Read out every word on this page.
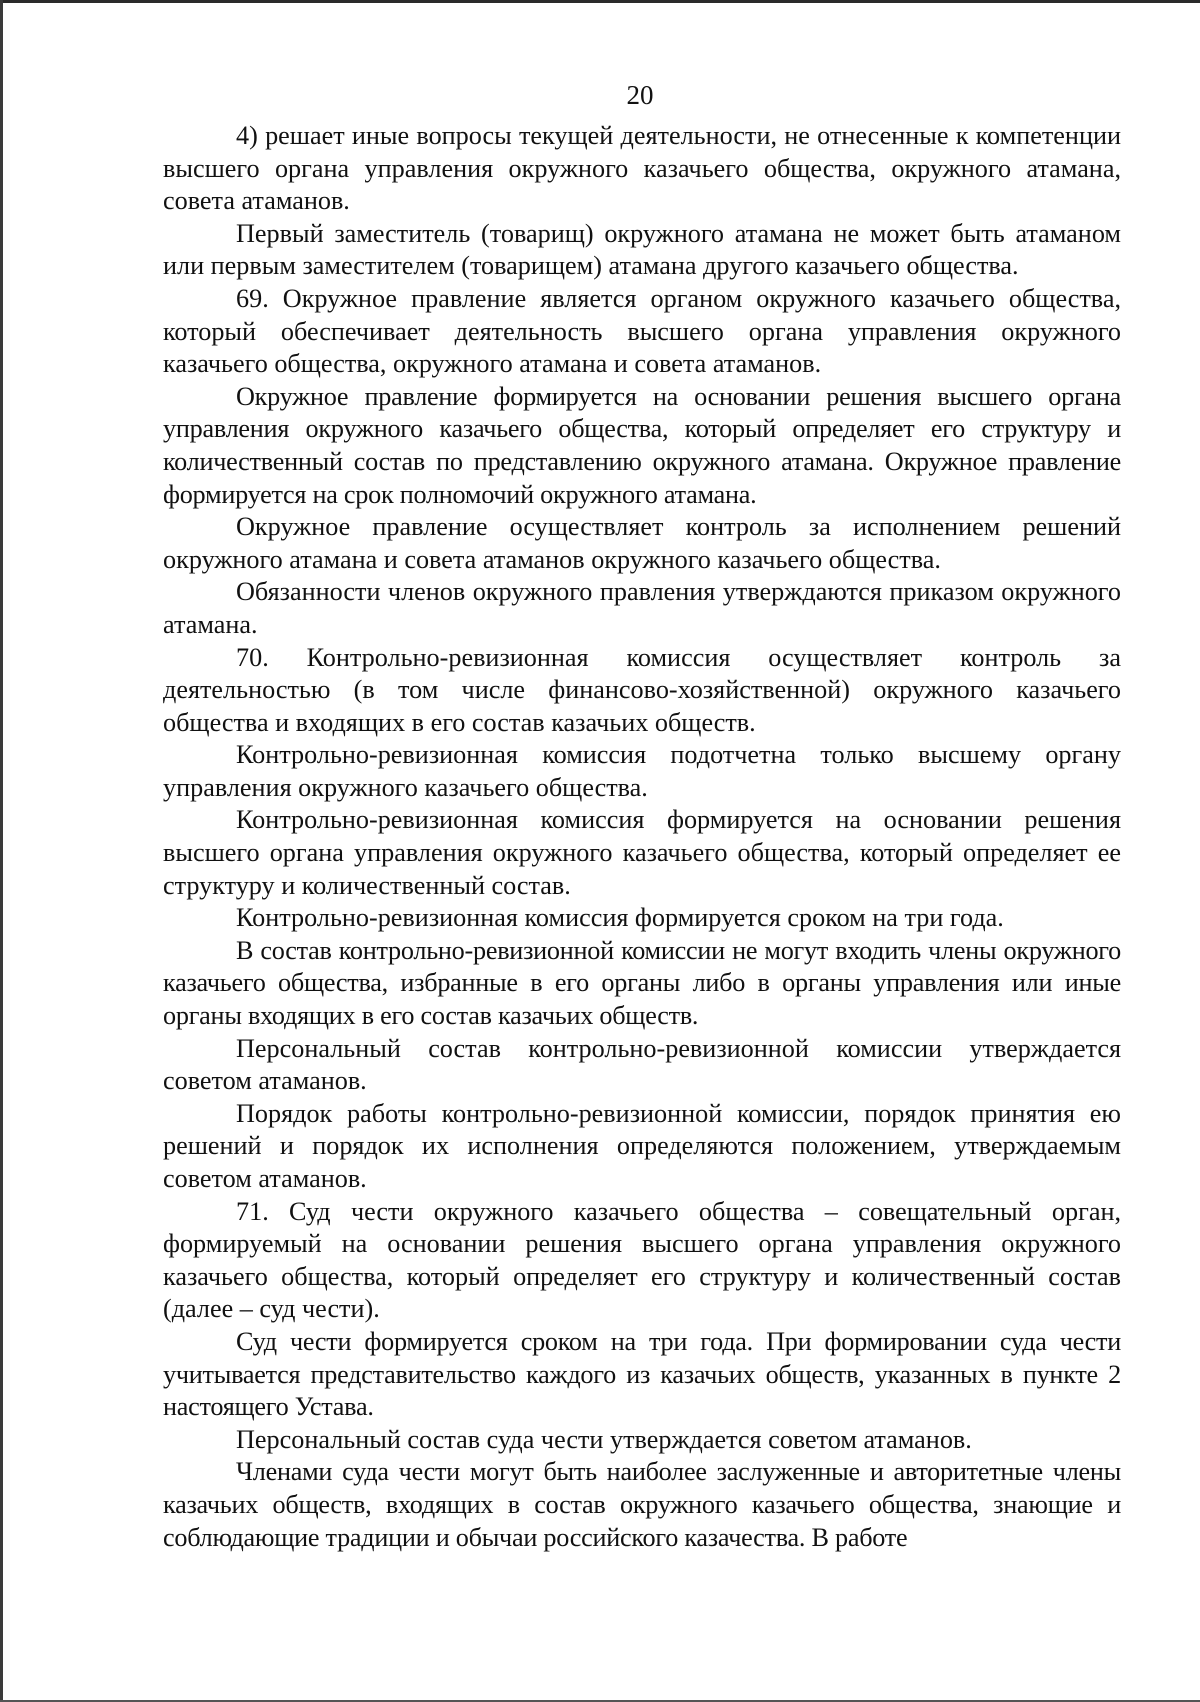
20

4) решает иные вопросы текущей деятельности, не отнесенные к компетенции высшего органа управления окружного казачьего общества, окружного атамана, совета атаманов.

Первый заместитель (товарищ) окружного атамана не может быть атаманом или первым заместителем (товарищем) атамана другого казачьего общества.

69. Окружное правление является органом окружного казачьего общества, который обеспечивает деятельность высшего органа управления окружного казачьего общества, окружного атамана и совета атаманов.

Окружное правление формируется на основании решения высшего органа управления окружного казачьего общества, который определяет его структуру и количественный состав по представлению окружного атамана. Окружное правление формируется на срок полномочий окружного атамана.

Окружное правление осуществляет контроль за исполнением решений окружного атамана и совета атаманов окружного казачьего общества.

Обязанности членов окружного правления утверждаются приказом окружного атамана.

70. Контрольно-ревизионная комиссия осуществляет контроль за деятельностью (в том числе финансово-хозяйственной) окружного казачьего общества и входящих в его состав казачьих обществ.

Контрольно-ревизионная комиссия подотчетна только высшему органу управления окружного казачьего общества.

Контрольно-ревизионная комиссия формируется на основании решения высшего органа управления окружного казачьего общества, который определяет ее структуру и количественный состав.

Контрольно-ревизионная комиссия формируется сроком на три года.

В состав контрольно-ревизионной комиссии не могут входить члены окружного казачьего общества, избранные в его органы либо в органы управления или иные органы входящих в его состав казачьих обществ.

Персональный состав контрольно-ревизионной комиссии утверждается советом атаманов.

Порядок работы контрольно-ревизионной комиссии, порядок принятия ею решений и порядок их исполнения определяются положением, утверждаемым советом атаманов.

71. Суд чести окружного казачьего общества – совещательный орган, формируемый на основании решения высшего органа управления окружного казачьего общества, который определяет его структуру и количественный состав (далее – суд чести).

Суд чести формируется сроком на три года. При формировании суда чести учитывается представительство каждого из казачьих обществ, указанных в пункте 2 настоящего Устава.

Персональный состав суда чести утверждается советом атаманов.

Членами суда чести могут быть наиболее заслуженные и авторитетные члены казачьих обществ, входящих в состав окружного казачьего общества, знающие и соблюдающие традиции и обычаи российского казачества. В работе
